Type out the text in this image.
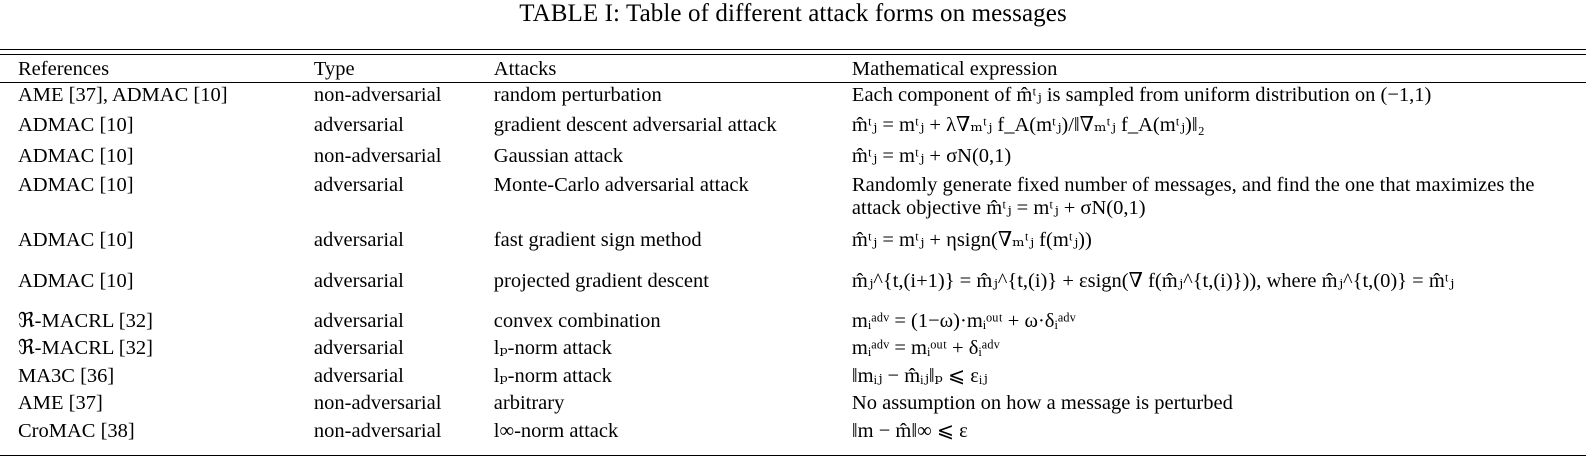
TABLE I: Table of different attack forms on messages
References	Type	Attacks	Mathematical expression
AME [37], ADMAC [10]	non-adversarial	random perturbation	Each component of m̂ᵗⱼ is sampled from uniform distribution on (−1,1)
ADMAC [10]	adversarial	gradient descent adversarial attack	m̂ᵗⱼ = mᵗⱼ + λ∇ₘᵗⱼ f_A(mᵗⱼ)/‖∇ₘᵗⱼ f_A(mᵗⱼ)‖₂
ADMAC [10]	non-adversarial	Gaussian attack	m̂ᵗⱼ = mᵗⱼ + σN(0,1)
ADMAC [10]	adversarial	Monte-Carlo adversarial attack	Randomly generate fixed number of messages, and find the one that maximizes the attack objective m̂ᵗⱼ = mᵗⱼ + σN(0,1)
ADMAC [10]	adversarial	fast gradient sign method	m̂ᵗⱼ = mᵗⱼ + ηsign(∇ₘᵗⱼ f(mᵗⱼ))
ADMAC [10]	adversarial	projected gradient descent	m̂ⱼ^{t,(i+1)} = m̂ⱼ^{t,(i)} + εsign(∇ f(m̂ⱼ^{t,(i)})), where m̂ⱼ^{t,(0)} = m̂ᵗⱼ
ℜ-MACRL [32]	adversarial	convex combination	mᵢᵃᵈᵛ = (1−ω)·mᵢᵒᵘᵗ + ω·δᵢᵃᵈᵛ
ℜ-MACRL [32]	adversarial	lₚ-norm attack	mᵢᵃᵈᵛ = mᵢᵒᵘᵗ + δᵢᵃᵈᵛ
MA3C [36]	adversarial	lₚ-norm attack	‖mᵢⱼ − m̂ᵢⱼ‖ₚ ⩽ εᵢⱼ
AME [37]	non-adversarial	arbitrary	No assumption on how a message is perturbed
CroMAC [38]	non-adversarial	l∞-norm attack	‖m − m̂‖∞ ⩽ ε
